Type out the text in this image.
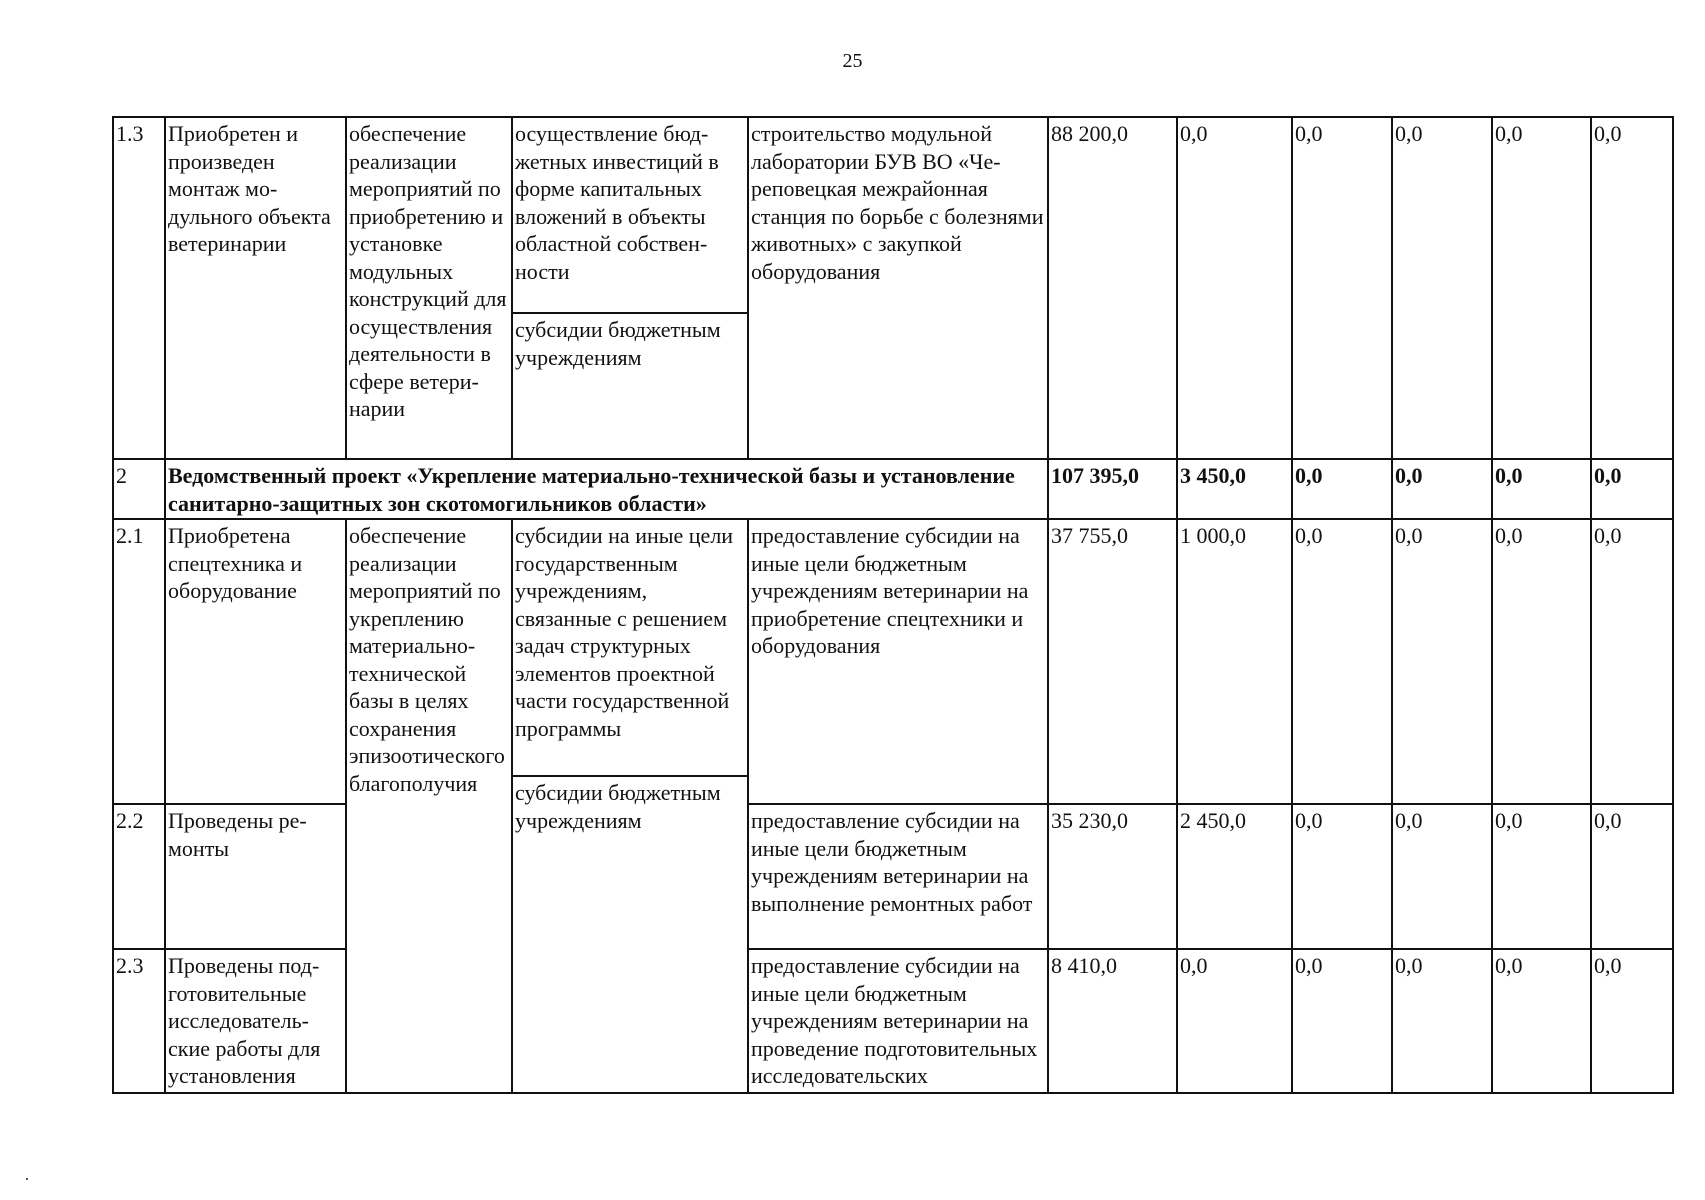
25
1.3	Приобретен и произведен монтаж модульного объекта ветеринарии	обеспечение реализации мероприятий по приобретению и установке модульных конструкций для осуществления деятельности в сфере ветеринарии	осуществление бюджетных инвестиций в форме капитальных вложений в объекты областной собственности	строительство модульной лаборатории БУВ ВО «Череповецкая межрайонная станция по борьбе с болезнями животных» с закупкой оборудования	88 200,0	0,0	0,0	0,0	0,0	0,0
			субсидии бюджетным учреждениям							
2	Ведомственный проект «Укрепление материально-технической базы и установление санитарно-защитных зон скотомогильников области»				107 395,0	3 450,0	0,0	0,0	0,0	0,0
2.1	Приобретена спецтехника и оборудование	обеспечение реализации мероприятий по укреплению материально-технической базы в целях сохранения эпизоотического благополучия	субсидии на иные цели государственным учреждениям, связанные с решением задач структурных элементов проектной части государственной программы	предоставление субсидии на иные цели бюджетным учреждениям ветеринарии на приобретение спецтехники и оборудования	37 755,0	1 000,0	0,0	0,0	0,0	0,0
			субсидии бюджетным учреждениям							
2.2	Проведены ремонты			предоставление субсидии на иные цели бюджетным учреждениям ветеринарии на выполнение ремонтных работ	35 230,0	2 450,0	0,0	0,0	0,0	0,0

2.3	Проведены подготовительные исследовательские работы для установления			предоставление субсидии на иные цели бюджетным учреждениям ветеринарии на проведение подготовительных исследовательских	8 410,0	0,0	0,0	0,0	0,0	0,0
